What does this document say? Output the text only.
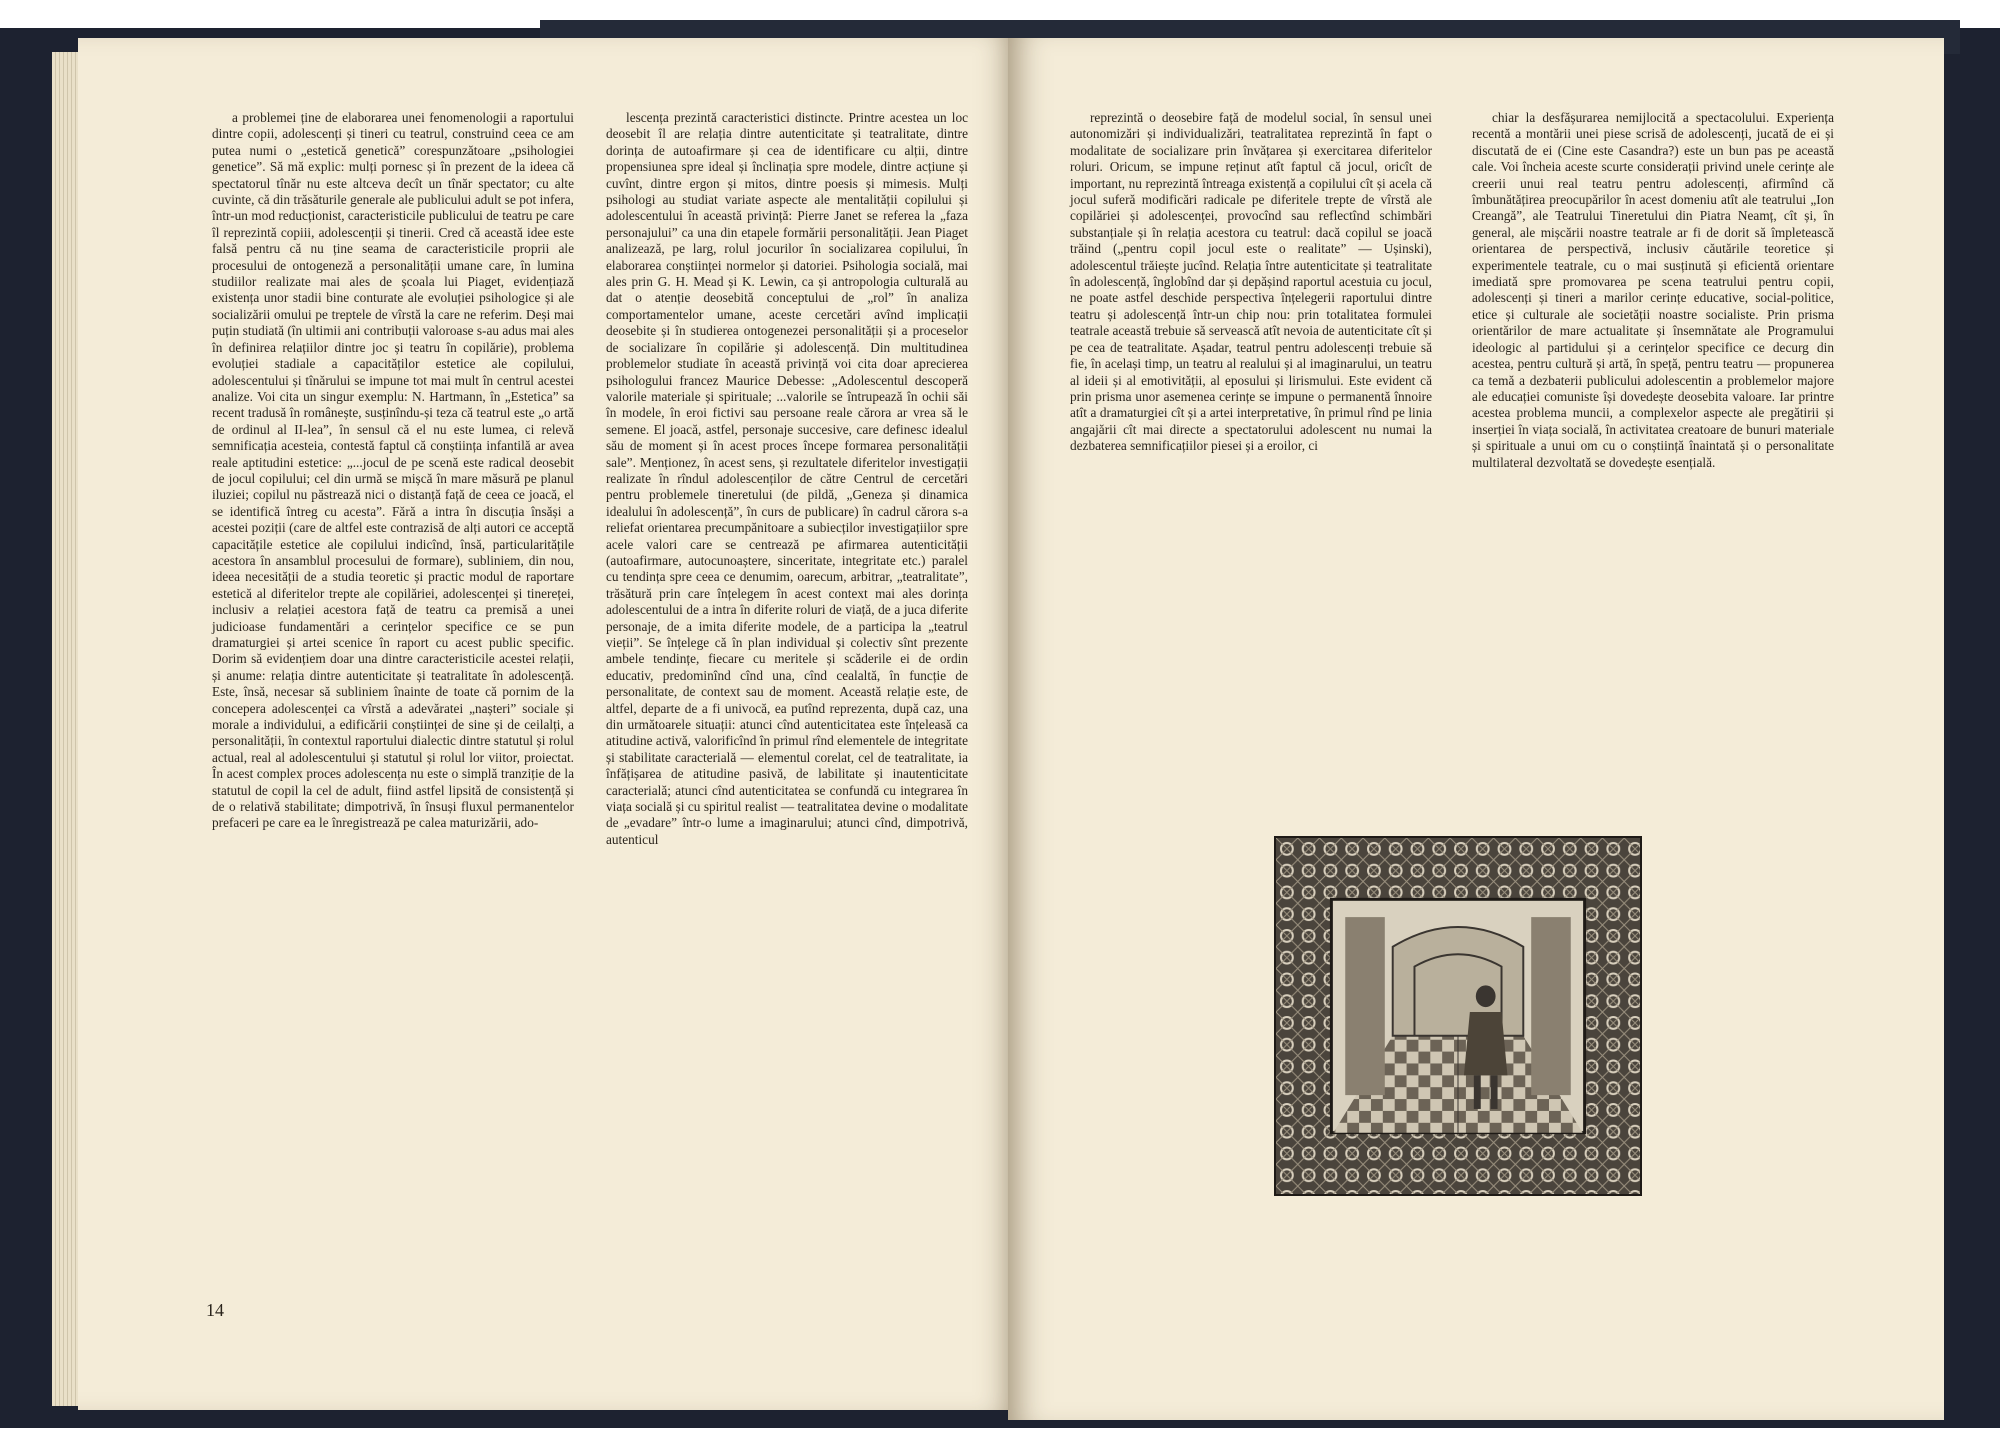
a problemei ține de elaborarea unei fenomenologii a raportului dintre copii, adolescenți și tineri cu teatrul, construind ceea ce am putea numi o „estetică genetică” corespunzătoare „psihologiei genetice”. Să mă explic: mulți pornesc și în prezent de la ideea că spectatorul tînăr nu este altceva decît un tînăr spectator; cu alte cuvinte, că din trăsăturile generale ale publicului adult se pot infera, într-un mod reducționist, caracteristicile publicului de teatru pe care îl reprezintă copiii, adolescenții și tinerii. Cred că această idee este falsă pentru că nu ține seama de caracteristicile proprii ale procesului de ontogeneză a personalității umane care, în lumina studiilor realizate mai ales de școala lui Piaget, evidențiază existența unor stadii bine conturate ale evoluției psihologice și ale socializării omului pe treptele de vîrstă la care ne referim. Deși mai puțin studiată (în ultimii ani contribuții valoroase s-au adus mai ales în definirea relațiilor dintre joc și teatru în copilărie), problema evoluției stadiale a capacităților estetice ale copilului, adolescentului și tînărului se impune tot mai mult în centrul acestei analize. Voi cita un singur exemplu: N. Hartmann, în „Estetica” sa recent tradusă în românește, susținîndu-și teza că teatrul este „o artă de ordinul al II-lea”, în sensul că el nu este lumea, ci relevă semnificația acesteia, contestă faptul că conștiința infantilă ar avea reale aptitudini estetice: „...jocul de pe scenă este radical deosebit de jocul copilului; cel din urmă se mișcă în mare măsură pe planul iluziei; copilul nu păstrează nici o distanță față de ceea ce joacă, el se identifică întreg cu acesta”. Fără a intra în discuția însăși a acestei poziții (care de altfel este contrazisă de alți autori ce acceptă capacitățile estetice ale copilului indicînd, însă, particularitățile acestora în ansamblul procesului de formare), subliniem, din nou, ideea necesității de a studia teoretic și practic modul de raportare estetică al diferitelor trepte ale copilăriei, adolescenței și tinereței, inclusiv a relației acestora față de teatru ca premisă a unei judicioase fundamentări a cerințelor specifice ce se pun dramaturgiei și artei scenice în raport cu acest public specific. Dorim să evidențiem doar una dintre caracteristicile acestei relații, și anume: relația dintre autenticitate și teatralitate în adolescență. Este, însă, necesar să subliniem înainte de toate că pornim de la concepera adolescenței ca vîrstă a adevăratei „nașteri” sociale și morale a individului, a edificării conștiinței de sine și de ceilalți, a personalității, în contextul raportului dialectic dintre statutul și rolul actual, real al adolescentului și statutul și rolul lor viitor, proiectat. În acest complex proces adolescența nu este o simplă tranziție de la statutul de copil la cel de adult, fiind astfel lipsită de consistență și de o relativă stabilitate; dimpotrivă, în însuși fluxul permanentelor prefaceri pe care ea le înregistrează pe calea maturizării, ado-
lescența prezintă caracteristici distincte. Printre acestea un loc deosebit îl are relația dintre autenticitate și teatralitate, dintre dorința de autoafirmare și cea de identificare cu alții, dintre propensiunea spre ideal și înclinația spre modele, dintre acțiune și cuvînt, dintre ergon și mitos, dintre poesis și mimesis. Mulți psihologi au studiat variate aspecte ale mentalității copilului și adolescentului în această privință: Pierre Janet se referea la „faza personajului” ca una din etapele formării personalității. Jean Piaget analizează, pe larg, rolul jocurilor în socializarea copilului, în elaborarea conștiinței normelor și datoriei. Psihologia socială, mai ales prin G. H. Mead și K. Lewin, ca și antropologia culturală au dat o atenție deosebită conceptului de „rol” în analiza comportamentelor umane, aceste cercetări avînd implicații deosebite și în studierea ontogenezei personalității și a proceselor de socializare în copilărie și adolescență. Din multitudinea problemelor studiate în această privință voi cita doar aprecierea psihologului francez Maurice Debesse: „Adolescentul descoperă valorile materiale și spirituale; ...valorile se întrupează în ochii săi în modele, în eroi fictivi sau persoane reale cărora ar vrea să le semene. El joacă, astfel, personaje succesive, care definesc idealul său de moment și în acest proces începe formarea personalității sale”. Menționez, în acest sens, și rezultatele diferitelor investigații realizate în rîndul adolescenților de către Centrul de cercetări pentru problemele tineretului (de pildă, „Geneza și dinamica idealului în adolescență”, în curs de publicare) în cadrul cărora s-a reliefat orientarea precumpănitoare a subiecților investigațiilor spre acele valori care se centrează pe afirmarea autenticității (autoafirmare, autocunoaștere, sinceritate, integritate etc.) paralel cu tendința spre ceea ce denumim, oarecum, arbitrar, „teatralitate”, trăsătură prin care înțelegem în acest context mai ales dorința adolescentului de a intra în diferite roluri de viață, de a juca diferite personaje, de a imita diferite modele, de a participa la „teatrul vieții”. Se înțelege că în plan individual și colectiv sînt prezente ambele tendințe, fiecare cu meritele și scăderile ei de ordin educativ, predominînd cînd una, cînd cealaltă, în funcție de personalitate, de context sau de moment. Această relație este, de altfel, departe de a fi univocă, ea putînd reprezenta, după caz, una din următoarele situații: atunci cînd autenticitatea este înțeleasă ca atitudine activă, valorificînd în primul rînd elementele de integritate și stabilitate caracterială — elementul corelat, cel de teatralitate, ia înfățișarea de atitudine pasivă, de labilitate și inautenticitate caracterială; atunci cînd autenticitatea se confundă cu integrarea în viața socială și cu spiritul realist — teatralitatea devine o modalitate de „evadare” într-o lume a imaginarului; atunci cînd, dimpotrivă, autenticul
reprezintă o deosebire față de modelul social, în sensul unei autonomizări și individualizări, teatralitatea reprezintă în fapt o modalitate de socializare prin învățarea și exercitarea diferitelor roluri. Oricum, se impune reținut atît faptul că jocul, oricît de important, nu reprezintă întreaga existență a copilului cît și acela că jocul suferă modificări radicale pe diferitele trepte de vîrstă ale copilăriei și adolescenței, provocînd sau reflectînd schimbări substanțiale și în relația acestora cu teatrul: dacă copilul se joacă trăind („pentru copil jocul este o realitate” — Ușinski), adolescentul trăiește jucînd. Relația între autenticitate și teatralitate în adolescență, înglobînd dar și depășind raportul acestuia cu jocul, ne poate astfel deschide perspectiva înțelegerii raportului dintre teatru și adolescență într-un chip nou: prin totalitatea formulei teatrale această trebuie să servească atît nevoia de autenticitate cît și pe cea de teatralitate. Așadar, teatrul pentru adolescenți trebuie să fie, în același timp, un teatru al realului și al imaginarului, un teatru al ideii și al emotivității, al eposului și lirismului. Este evident că prin prisma unor asemenea cerințe se impune o permanentă înnoire atît a dramaturgiei cît și a artei interpretative, în primul rînd pe linia angajării cît mai directe a spectatorului adolescent nu numai la dezbaterea semnificațiilor piesei și a eroilor, ci
chiar la desfășurarea nemijlocită a spectacolului. Experiența recentă a montării unei piese scrisă de adolescenți, jucată de ei și discutată de ei (Cine este Casandra?) este un bun pas pe această cale. Voi încheia aceste scurte considerații privind unele cerințe ale creerii unui real teatru pentru adolescenți, afirmînd că îmbunătățirea preocupărilor în acest domeniu atît ale teatrului „Ion Creangă”, ale Teatrului Tineretului din Piatra Neamț, cît și, în general, ale mișcării noastre teatrale ar fi de dorit să împletească orientarea de perspectivă, inclusiv căutările teoretice și experimentele teatrale, cu o mai susținută și eficientă orientare imediată spre promovarea pe scena teatrului pentru copii, adolescenți și tineri a marilor cerințe educative, social-politice, etice și culturale ale societății noastre socialiste. Prin prisma orientărilor de mare actualitate și însemnătate ale Programului ideologic al partidului și a cerințelor specifice ce decurg din acestea, pentru cultură și artă, în speță, pentru teatru — propunerea ca temă a dezbaterii publicului adolescentin a problemelor majore ale educației comuniste își dovedește deosebita valoare. Iar printre acestea problema muncii, a complexelor aspecte ale pregătirii și inserției în viața socială, în activitatea creatoare de bunuri materiale și spirituale a unui om cu o conștiință înaintată și o personalitate multilateral dezvoltată se dovedește esențială.
14
